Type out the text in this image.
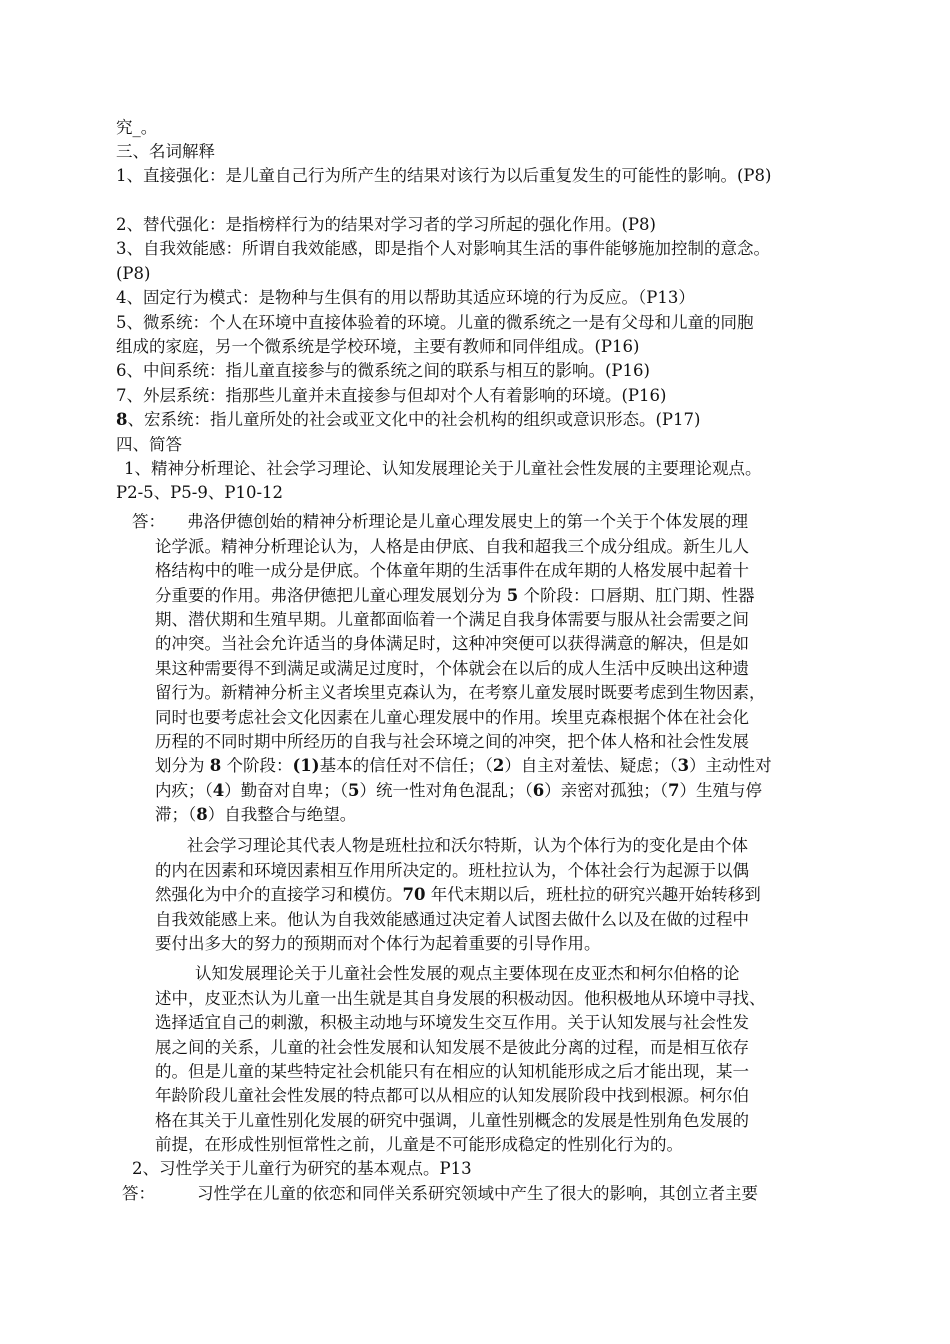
究_。
三、名词解释
1、直接强化：是儿童自己行为所产生的结果对该行为以后重复发生的可能性的影响。(P8)
2、替代强化：是指榜样行为的结果对学习者的学习所起的强化作用。(P8)
3、自我效能感：所谓自我效能感，即是指个人对影响其生活的事件能够施加控制的意念。
(P8)
4、固定行为模式：是物种与生俱有的用以帮助其适应环境的行为反应。（P13）
5、微系统：个人在环境中直接体验着的环境。儿童的微系统之一是有父母和儿童的同胞
组成的家庭，另一个微系统是学校环境，主要有教师和同伴组成。(P16)
6、中间系统：指儿童直接参与的微系统之间的联系与相互的影响。(P16)
7、外层系统：指那些儿童并未直接参与但却对个人有着影响的环境。(P16)
8、宏系统：指儿童所处的社会或亚文化中的社会机构的组织或意识形态。(P17)
四、简答
1、精神分析理论、社会学习理论、认知发展理论关于儿童社会性发展的主要理论观点。
P2-5、P5-9、P10-12
答： 弗洛伊德创始的精神分析理论是儿童心理发展史上的第一个关于个体发展的理
论学派。精神分析理论认为，人格是由伊底、自我和超我三个成分组成。新生儿人
格结构中的唯一成分是伊底。个体童年期的生活事件在成年期的人格发展中起着十
分重要的作用。弗洛伊德把儿童心理发展划分为 5 个阶段：口唇期、肛门期、性器
期、潜伏期和生殖早期。儿童都面临着一个满足自我身体需要与服从社会需要之间
的冲突。当社会允许适当的身体满足时，这种冲突便可以获得满意的解决，但是如
果这种需要得不到满足或满足过度时，个体就会在以后的成人生活中反映出这种遗
留行为。新精神分析主义者埃里克森认为，在考察儿童发展时既要考虑到生物因素，
同时也要考虑社会文化因素在儿童心理发展中的作用。埃里克森根据个体在社会化
历程的不同时期中所经历的自我与社会环境之间的冲突，把个体人格和社会性发展
划分为 8 个阶段：(1)基本的信任对不信任；（2）自主对羞怯、疑虑；（3）主动性对
内疚；（4）勤奋对自卑；（5）统一性对角色混乱；（6）亲密对孤独；（7）生殖与停
滞；（8）自我整合与绝望。
社会学习理论其代表人物是班杜拉和沃尔特斯，认为个体行为的变化是由个体
的内在因素和环境因素相互作用所决定的。班杜拉认为，个体社会行为起源于以偶
然强化为中介的直接学习和模仿。70 年代末期以后，班杜拉的研究兴趣开始转移到
自我效能感上来。他认为自我效能感通过决定着人试图去做什么以及在做的过程中
要付出多大的努力的预期而对个体行为起着重要的引导作用。
认知发展理论关于儿童社会性发展的观点主要体现在皮亚杰和柯尔伯格的论
述中，皮亚杰认为儿童一出生就是其自身发展的积极动因。他积极地从环境中寻找、
选择适宜自己的刺激，积极主动地与环境发生交互作用。关于认知发展与社会性发
展之间的关系，儿童的社会性发展和认知发展不是彼此分离的过程，而是相互依存
的。但是儿童的某些特定社会机能只有在相应的认知机能形成之后才能出现，某一
年龄阶段儿童社会性发展的特点都可以从相应的认知发展阶段中找到根源。柯尔伯
格在其关于儿童性别化发展的研究中强调，儿童性别概念的发展是性别角色发展的
前提，在形成性别恒常性之前，儿童是不可能形成稳定的性别化行为的。
2、习性学关于儿童行为研究的基本观点。P13
答：	习性学在儿童的依恋和同伴关系研究领域中产生了很大的影响，其创立者主要
